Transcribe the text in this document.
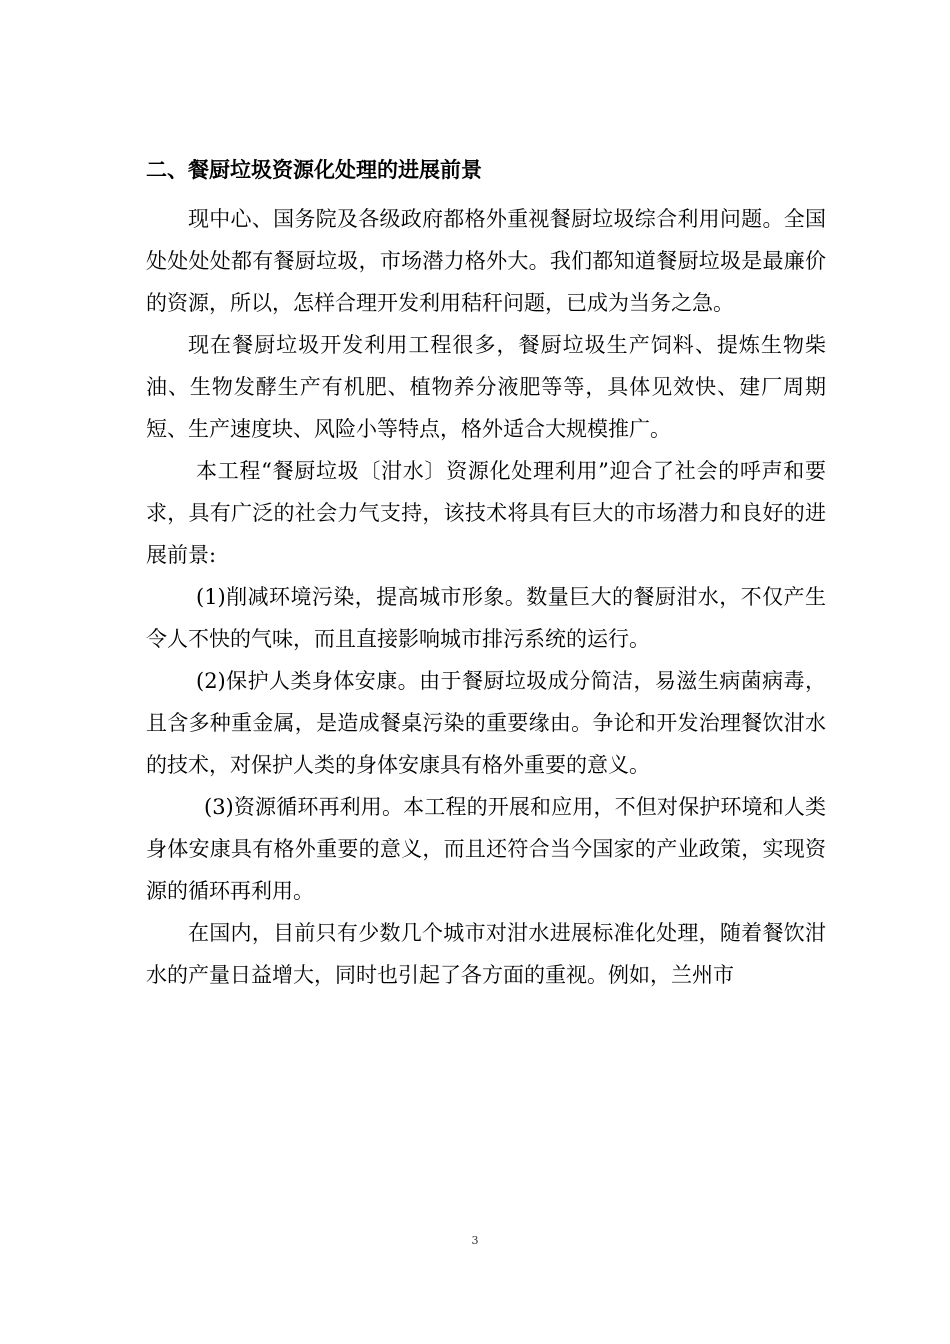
二、餐厨垃圾资源化处理的进展前景

现中心、国务院及各级政府都格外重视餐厨垃圾综合利用问题。全国处处处处都有餐厨垃圾，市场潜力格外大。我们都知道餐厨垃圾是最廉价的资源，所以，怎样合理开发利用秸秆问题，已成为当务之急。

现在餐厨垃圾开发利用工程很多，餐厨垃圾生产饲料、提炼生物柴油、生物发酵生产有机肥、植物养分液肥等等，具体见效快、建厂周期短、生产速度块、风险小等特点，格外适合大规模推广。

本工程“餐厨垃圾〔泔水〕资源化处理利用”迎合了社会的呼声和要求，具有广泛的社会力气支持，该技术将具有巨大的市场潜力和良好的进展前景:

(1)削减环境污染，提高城市形象。数量巨大的餐厨泔水，不仅产生令人不快的气味，而且直接影响城市排污系统的运行。

(2)保护人类身体安康。由于餐厨垃圾成分简洁，易滋生病菌病毒，且含多种重金属，是造成餐桌污染的重要缘由。争论和开发治理餐饮泔水的技术，对保护人类的身体安康具有格外重要的意义。

(3)资源循环再利用。本工程的开展和应用，不但对保护环境和人类身体安康具有格外重要的意义，而且还符合当今国家的产业政策，实现资源的循环再利用。

在国内，目前只有少数几个城市对泔水进展标准化处理，随着餐饮泔水的产量日益增大，同时也引起了各方面的重视。例如，兰州市

3
